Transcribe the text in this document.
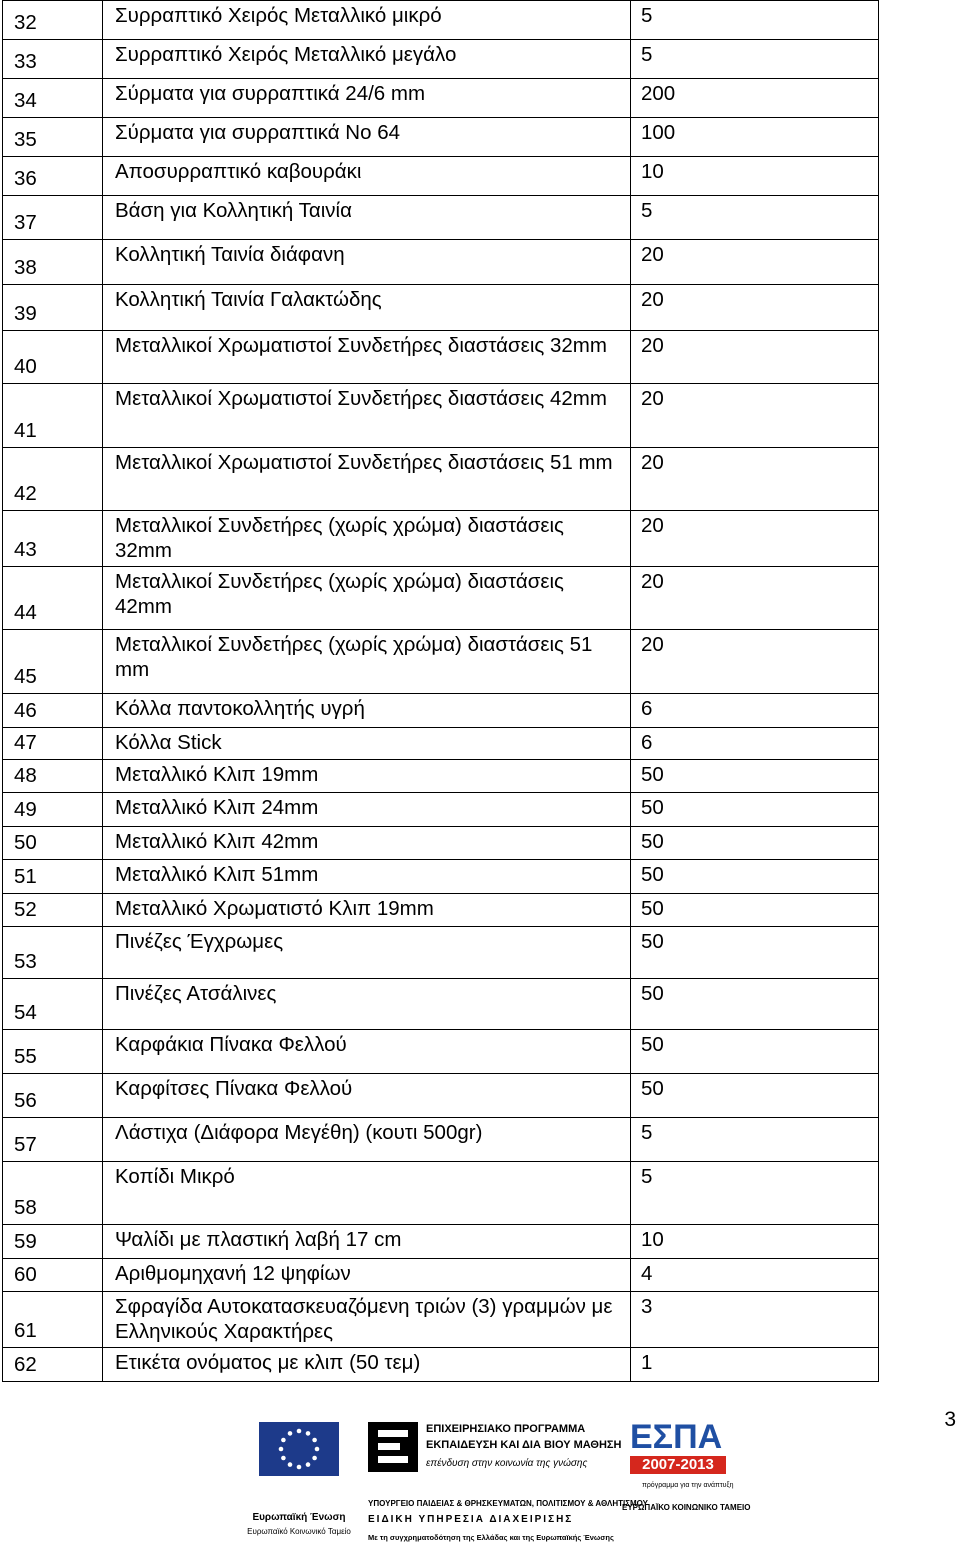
32	Συρραπτικό Χειρός Μεταλλικό μικρό	5
33	Συρραπτικό Χειρός Μεταλλικό μεγάλο	5
34	Σύρματα για συρραπτικά 24/6 mm	200
35	Σύρματα για συρραπτικά No 64	100
36	Αποσυρραπτικό καβουράκι	10
37	Βάση για Κολλητική Ταινία	5
38	Κολλητική Ταινία διάφανη	20
39	Κολλητική Ταινία Γαλακτώδης	20
40	Μεταλλικοί Χρωματιστοί Συνδετήρες διαστάσεις 32mm	20
41	Μεταλλικοί Χρωματιστοί Συνδετήρες διαστάσεις 42mm	20
42	Μεταλλικοί Χρωματιστοί Συνδετήρες διαστάσεις 51 mm	20
43	Μεταλλικοί Συνδετήρες (χωρίς χρώμα) διαστάσεις 32mm	20
44	Μεταλλικοί Συνδετήρες (χωρίς χρώμα) διαστάσεις 42mm	20
45	Μεταλλικοί Συνδετήρες (χωρίς χρώμα) διαστάσεις 51 mm	20
46	Κόλλα παντοκολλητής υγρή	6
47	Κόλλα Stick	6
48	Μεταλλικό Κλιπ 19mm	50
49	Μεταλλικό Κλιπ 24mm	50
50	Μεταλλικό Κλιπ 42mm	50
51	Μεταλλικό Κλιπ 51mm	50
52	Μεταλλικό Χρωματιστό Κλιπ 19mm	50
53	Πινέζες Έγχρωμες	50
54	Πινέζες Ατσάλινες	50
55	Καρφάκια Πίνακα Φελλού	50
56	Καρφίτσες Πίνακα Φελλού	50
57	Λάστιχα (Διάφορα Μεγέθη) (κουτι 500gr)	5
58	Κοπίδι Μικρό	5
59	Ψαλίδι με πλαστική λαβή 17 cm	10
60	Αριθμομηχανή 12 ψηφίων	4
61	Σφραγίδα Αυτοκατασκευαζόμενη τριών (3) γραμμών με Ελληνικούς Χαρακτήρες	3
62	Ετικέτα ονόματος με κλιπ (50 τεμ)	1
3
Ευρωπαϊκή Ένωση
Ευρωπαϊκό Κοινωνικό Ταμείο
ΕΠΙΧΕΙΡΗΣΙΑΚΟ ΠΡΟΓΡΑΜΜΑ
ΕΚΠΑΙΔΕΥΣΗ ΚΑΙ ΔΙΑ ΒΙΟΥ ΜΑΘΗΣΗ
επένδυση στην κοινωνία της γνώσης
ΥΠΟΥΡΓΕΙΟ ΠΑΙΔΕΙΑΣ & ΘΡΗΣΚΕΥΜΑΤΩΝ, ΠΟΛΙΤΙΣΜΟΥ & ΑΘΛΗΤΙΣΜΟΥ
ΕΙΔΙΚΗ ΥΠΗΡΕΣΙΑ ΔΙΑΧΕΙΡΙΣΗΣ
Με τη συγχρηματοδότηση της Ελλάδας και της Ευρωπαϊκής Ένωσης
ΕΣΠΑ
2007-2013
πρόγραμμα για την ανάπτυξη
ΕΥΡΩΠΑΪΚΟ ΚΟΙΝΩΝΙΚΟ ΤΑΜΕΙΟ
